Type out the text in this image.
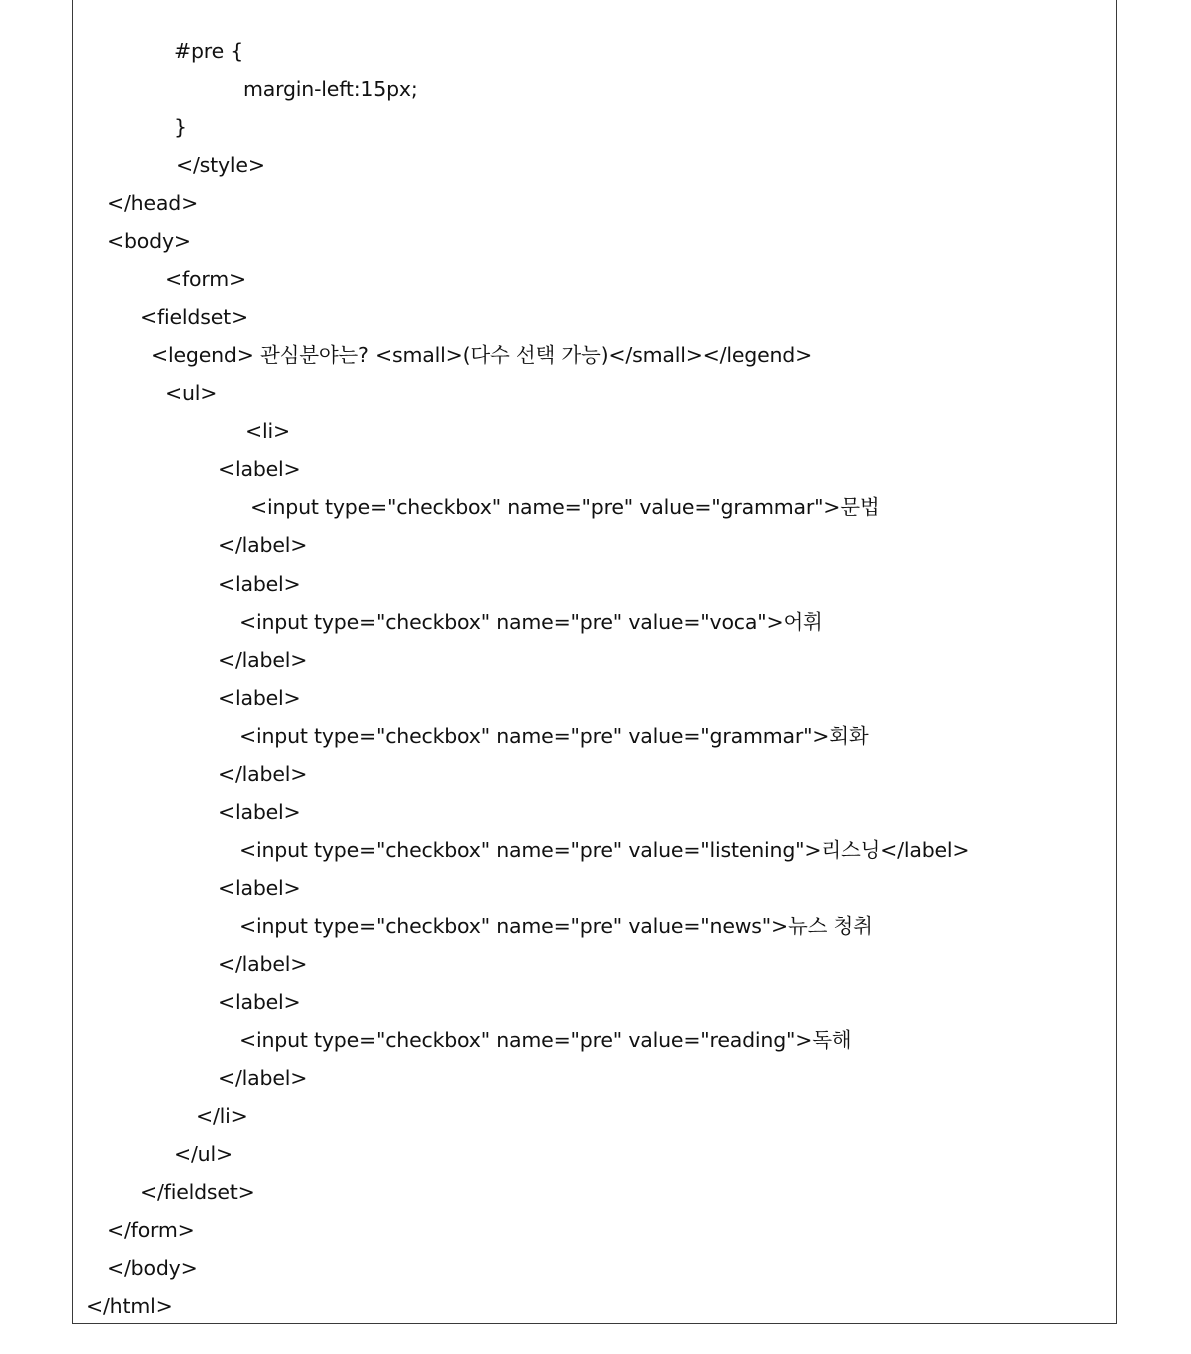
#pre {
margin-left:15px;
}
</style>
</head>
<body>
<form>
<fieldset>
<legend> 관심분야는? <small>(다수 선택 가능)</small></legend>
<ul>
<li>
<label>
<input type="checkbox" name="pre" value="grammar">문법
</label>
<label>
<input type="checkbox" name="pre" value="voca">어휘
</label>
<label>
<input type="checkbox" name="pre" value="grammar">회화
</label>
<label>
<input type="checkbox" name="pre" value="listening">리스닝</label>
<label>
<input type="checkbox" name="pre" value="news">뉴스 청취
</label>
<label>
<input type="checkbox" name="pre" value="reading">독해
</label>
</li>
</ul>
</fieldset>
</form>
</body>
</html>
